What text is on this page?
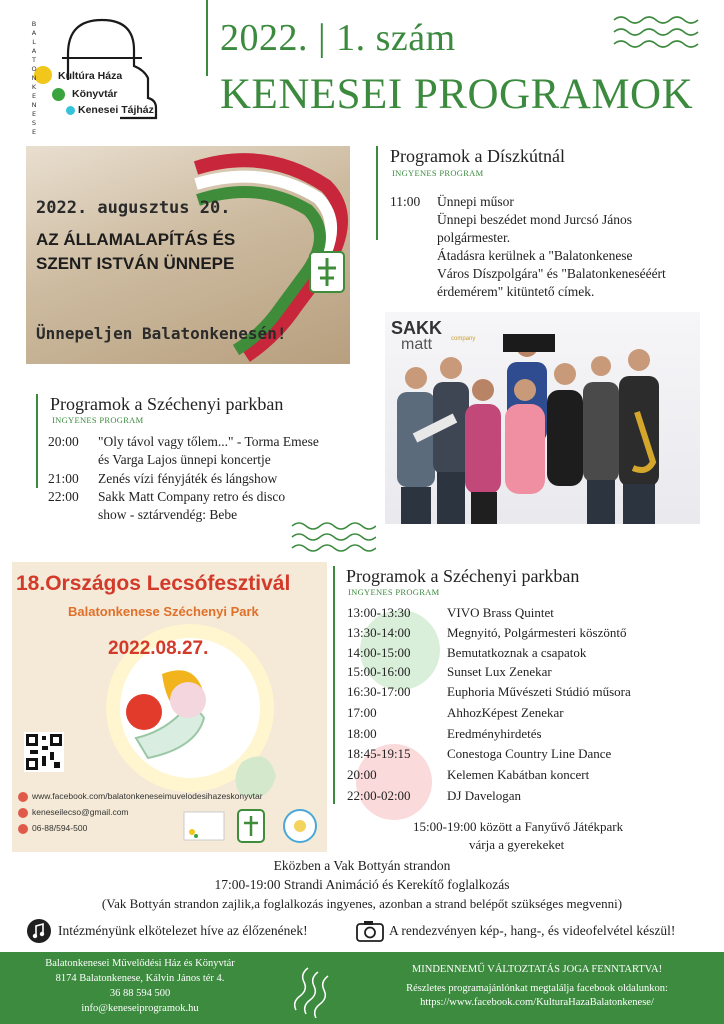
Kultúra Háza
Könyvtár
Kenesei Tájház
BALATONKENESE	2022. | 1. szám
KENESEI PROGRAMOK
2022. augusztus 20.
AZ ÁLLAMALAPÍTÁS ÉS
SZENT ISTVÁN ÜNNEPE
Ünnepeljen Balatonkenesén!
Programok a Díszkútnál
INGYENES PROGRAM
11:00 Ünnepi műsor
Ünnepi beszédet mond Jurcsó János
polgármester.
Átadásra kerülnek a "Balatonkenese
Város Díszpolgára" és "Balatonkenesééért
érdemérem" kitüntető címek.
SAKK
matt	company
Programok a Széchenyi parkban
INGYENES PROGRAM
20:00 "Oly távol vagy tőlem..." - Torma Emese
és Varga Lajos ünnepi koncertje
21:00 Zenés vízi fényjáték és lángshow
22:00 Sakk Matt Company retro és disco
show - sztárvendég: Bebe
18.Országos Lecsófesztivál
Balatonkenese Széchenyi Park
2022.08.27.
www.facebook.com/balatonkeneseimuvelodesihazeskonyvtar
keneseilecso@gmail.com
06-88/594-500
Programok a Széchenyi parkban
INGYENES PROGRAM
13:00-13:30	VIVO Brass Quintet
13:30-14:00	Megnyitó, Polgármesteri köszöntő
14:00-15:00	Bemutatkoznak a csapatok
15:00-16:00	Sunset Lux Zenekar
16:30-17:00	Euphoria Művészeti Stúdió műsora
17:00	AhhozKépest Zenekar
18:00	Eredményhirdetés
18:45-19:15	Conestoga Country Line Dance
20:00	Kelemen Kabátban koncert
22:00-02:00	DJ Davelogan
15:00-19:00 között a Fanyűvő Játékpark
várja a gyerekeket
Eközben a Vak Bottyán strandon
17:00-19:00 Strandi Animáció és Kerekítő foglalkozás
(Vak Bottyán strandon zajlik,a foglalkozás ingyenes, azonban a strand belépőt szükséges megvenni)
Intézményünk elkötelezet híve az élőzenének!	A rendezvényen kép-, hang-, és videofelvétel készül!
Balatonkenesei Művelődési Ház és Könyvtár
8174 Balatonkenese, Kálvin János tér 4.
36 88 594 500
info@keneseiprogramok.hu
MINDENNEMŰ VÁLTOZTATÁS JOGA FENNTARTVA!
Részletes programajánlónkat megtalálja facebook oldalunkon:
https://www.facebook.com/KulturaHazaBalatonkenese/
